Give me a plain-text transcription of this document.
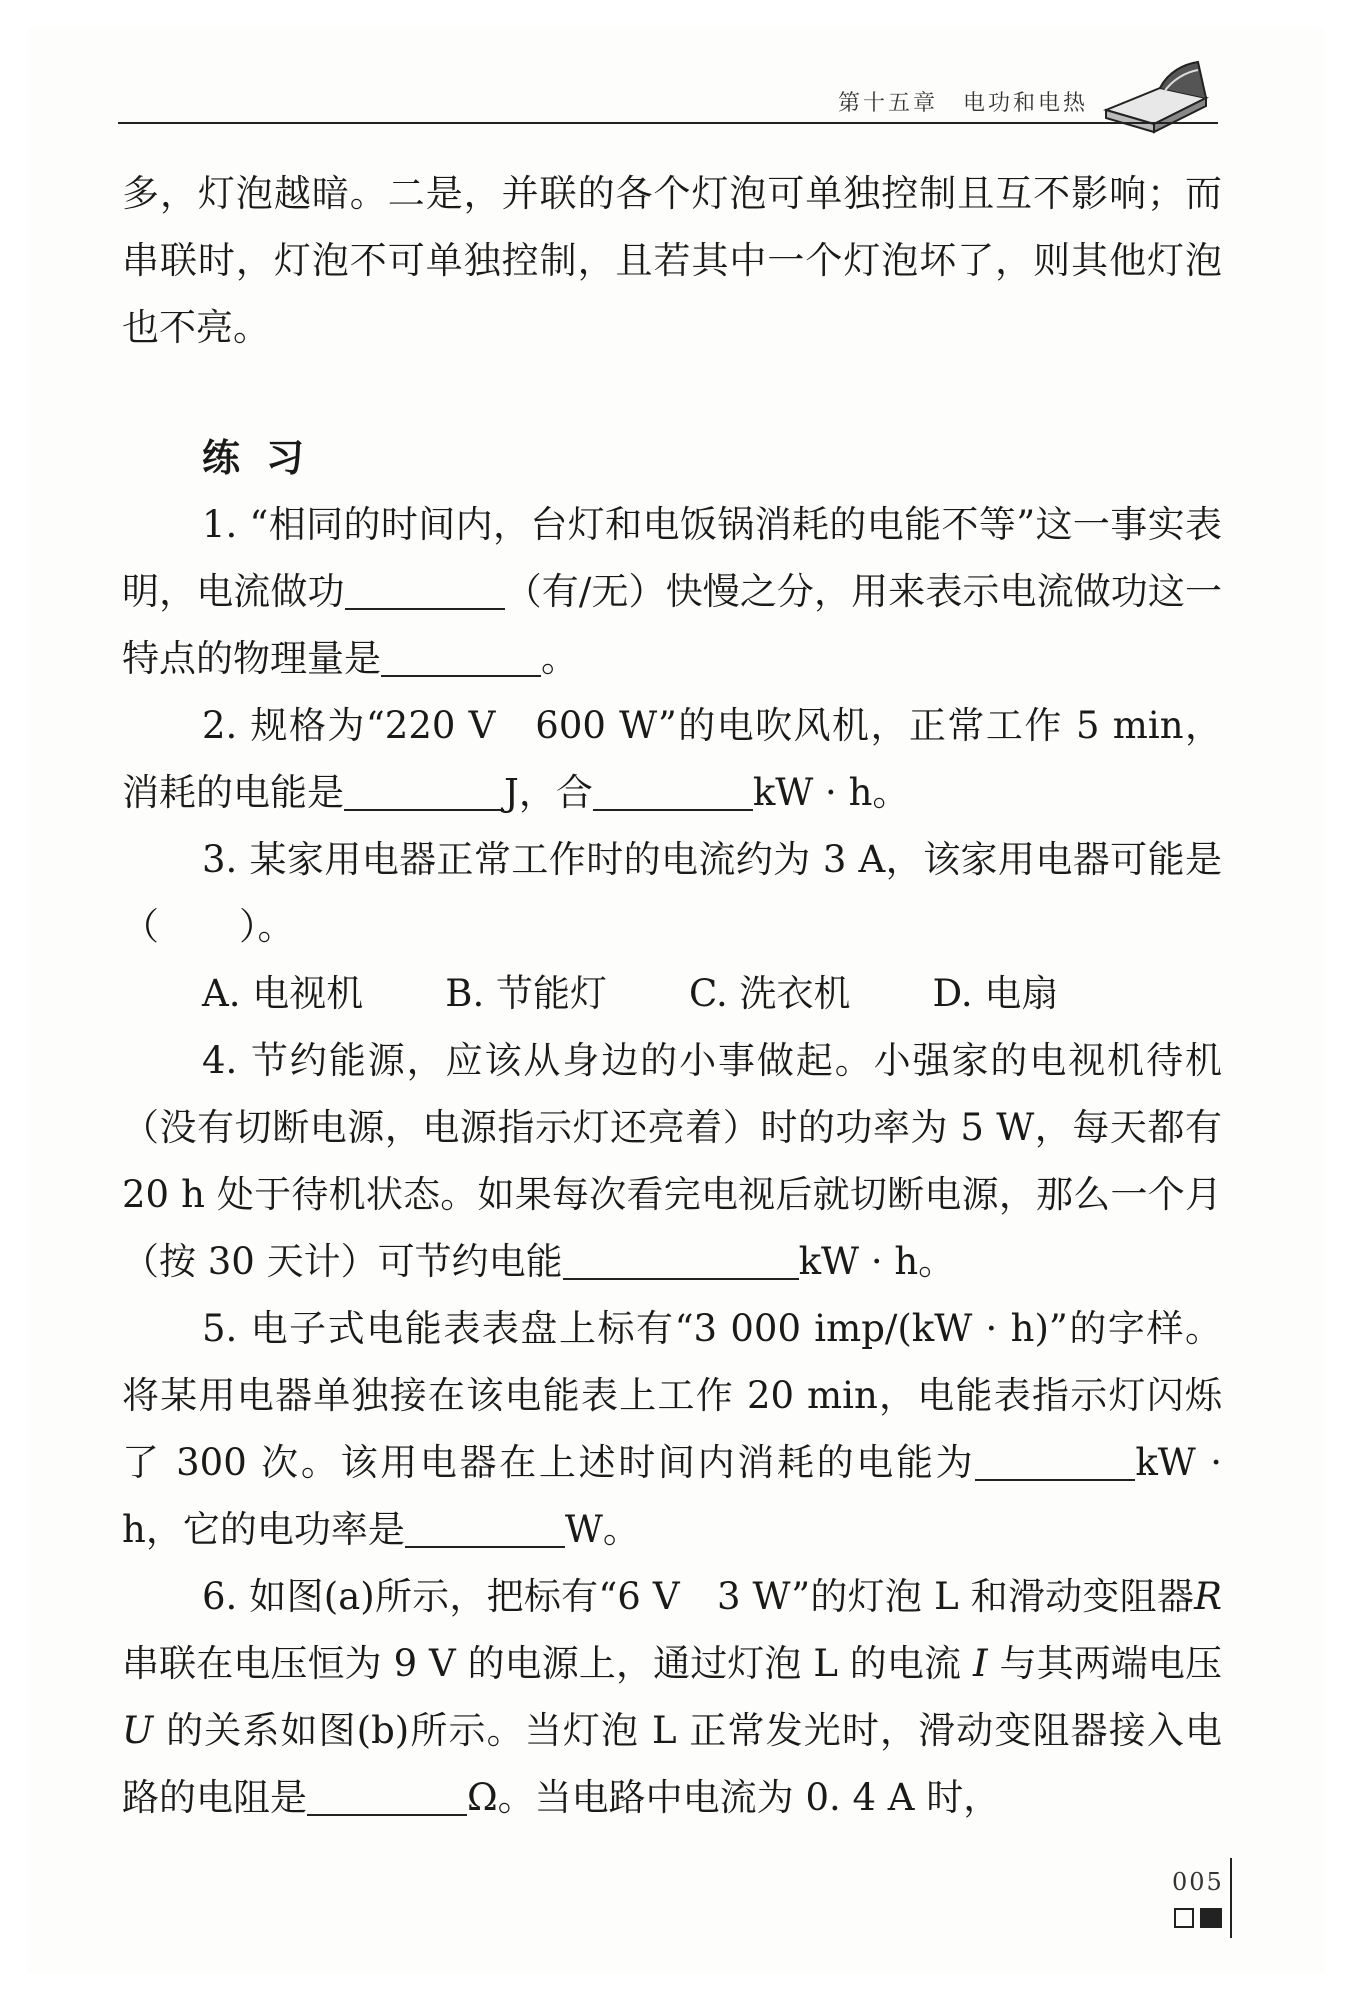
第十五章　电功和电热

多，灯泡越暗。二是，并联的各个灯泡可单独控制且互不影响；而串联时，灯泡不可单独控制，且若其中一个灯泡坏了，则其他灯泡也不亮。

练习

1. “相同的时间内，台灯和电饭锅消耗的电能不等”这一事实表明，电流做功	（有/无）快慢之分，用来表示电流做功这一特点的物理量是	。

2. 规格为“220 V　600 W”的电吹风机，正常工作 5 min，消耗的电能是	J，合	kW · h。

3. 某家用电器正常工作时的电流约为 3 A，该家用电器可能是（ ）。

A. 电视机 B. 节能灯 C. 洗衣机 D. 电扇

4. 节约能源，应该从身边的小事做起。小强家的电视机待机（没有切断电源，电源指示灯还亮着）时的功率为 5 W，每天都有 20 h 处于待机状态。如果每次看完电视后就切断电源，那么一个月（按 30 天计）可节约电能	kW · h。

5. 电子式电能表表盘上标有“3 000 imp/(kW · h)”的字样。将某用电器单独接在该电能表上工作 20 min，电能表指示灯闪烁了 300 次。该用电器在上述时间内消耗的电能为	kW · h，它的电功率是	W。

6. 如图(a)所示，把标有“6 V　3 W”的灯泡 L 和滑动变阻器R 串联在电压恒为 9 V 的电源上，通过灯泡 L 的电流 I 与其两端电压U 的关系如图(b)所示。当灯泡 L 正常发光时，滑动变阻器接入电路的电阻是	Ω。当电路中电流为 0. 4 A 时，

005
